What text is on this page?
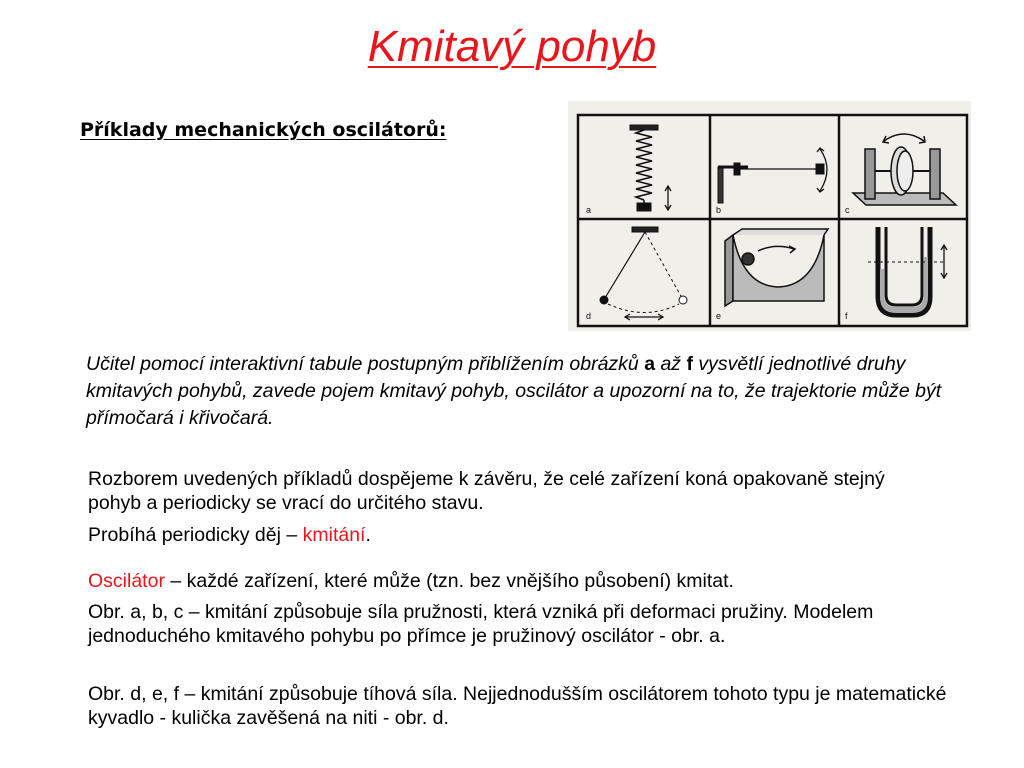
Kmitavý pohyb
Příklady mechanických oscilátorů:
a	b	c
d	e	f
Učitel pomocí interaktivní tabule postupným přiblížením obrázků a až f vysvětlí jednotlivé druhy kmitavých pohybů, zavede pojem kmitavý pohyb, oscilátor a upozorní na to, že trajektorie může být přímočará i křivočará.
Rozborem uvedených příkladů dospějeme k závěru, že celé zařízení koná opakovaně stejný pohyb a periodicky se vrací do určitého stavu.
Probíhá periodicky děj – kmitání.
Oscilátor – každé zařízení, které může (tzn. bez vnějšího působení) kmitat.
Obr. a, b, c – kmitání způsobuje síla pružnosti, která vzniká při deformaci pružiny. Modelem jednoduchého kmitavého pohybu po přímce je pružinový oscilátor - obr. a.
Obr. d, e, f – kmitání způsobuje tíhová síla. Nejjednodušším oscilátorem tohoto typu je matematické kyvadlo - kulička zavěšená na niti - obr. d.
